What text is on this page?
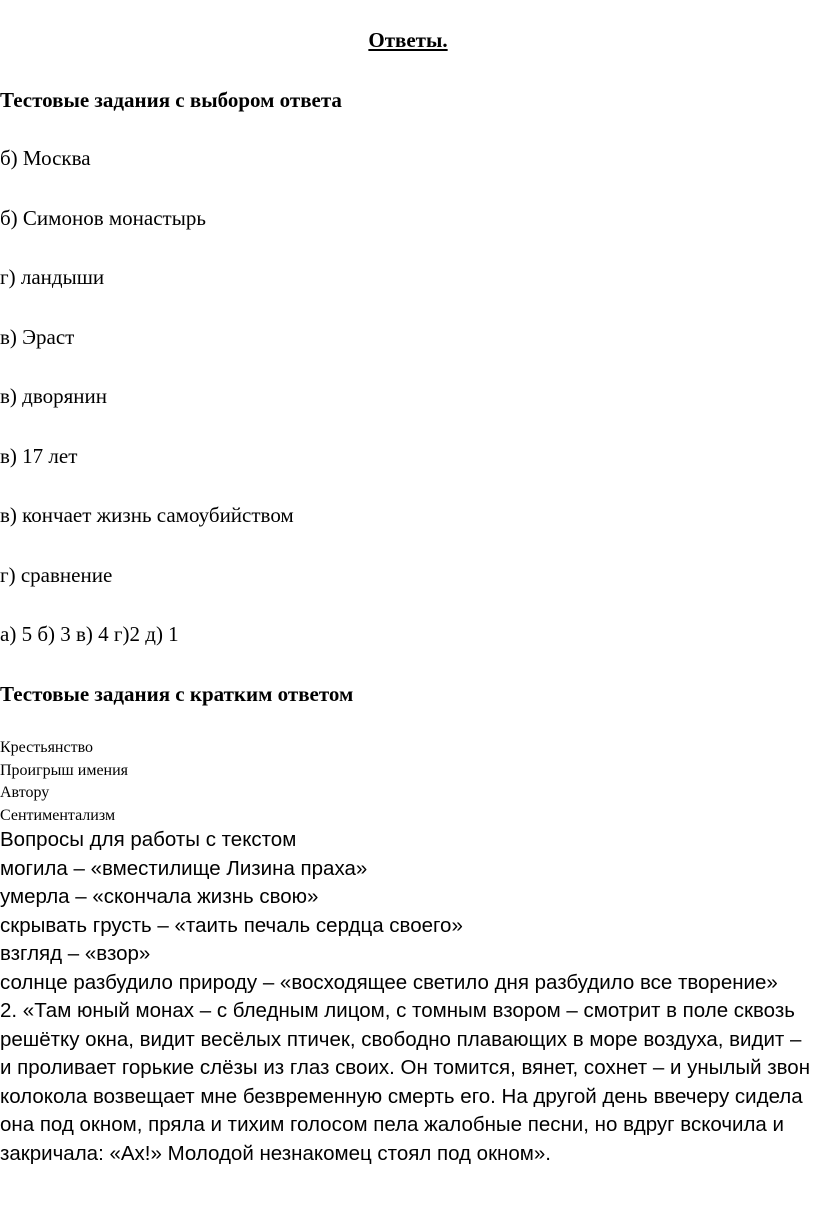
Ответы.
Тестовые задания с выбором ответа
б) Москва
б) Симонов монастырь
г) ландыши
в) Эраст
в) дворянин
в) 17 лет
в) кончает жизнь самоубийством
г) сравнение
а) 5 б) 3 в) 4 г)2 д) 1
Тестовые задания с кратким ответом
Крестьянство
Проигрыш имения
Автору
Сентиментализм

Вопросы для работы с текстом

могила – «вместилище Лизина праха»

умерла – «скончала жизнь свою»

скрывать грусть – «таить печаль сердца своего»

взгляд – «взор»

солнце разбудило природу – «восходящее светило дня разбудило все творение»

2. «Там юный монах – с бледным лицом, с томным взором – смотрит в поле сквозь решётку окна, видит весёлых птичек, свободно плавающих в море воздуха, видит – и проливает горькие слёзы из глаз своих. Он томится, вянет, сохнет – и унылый звон колокола возвещает мне безвременную смерть его. На другой день ввечеру сидела она под окном, пряла и тихим голосом пела жалобные песни, но вдруг вскочила и закричала: «Ах!» Молодой незнакомец стоял под окном».
